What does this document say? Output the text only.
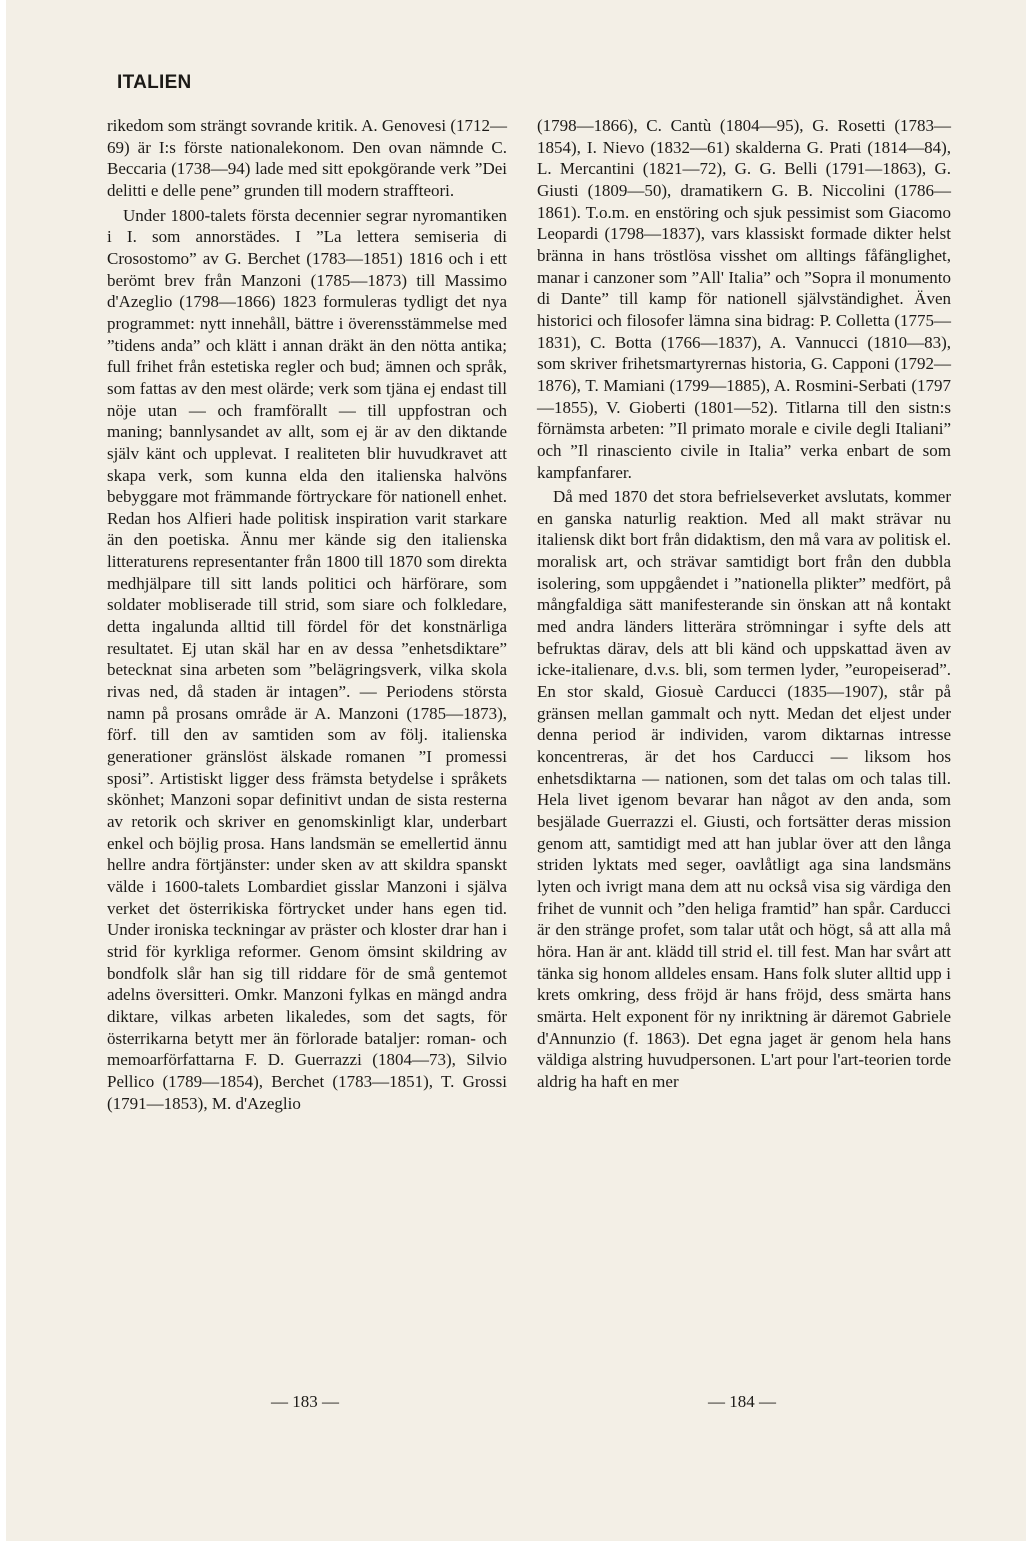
ITALIEN

rikedom som strängt sovrande kritik. A. Genovesi (1712—69) är I:s förste nationalekonom. Den ovan nämnde C. Beccaria (1738—94) lade med sitt epokgörande verk ”Dei delitti e delle pene” grunden till modern straffteori.

Under 1800-talets första decennier segrar nyromantiken i I. som annorstädes. I ”La lettera semiseria di Crosostomo” av G. Berchet (1783—1851) 1816 och i ett berömt brev från Manzoni (1785—1873) till Massimo d'Azeglio (1798—1866) 1823 formuleras tydligt det nya programmet: nytt innehåll, bättre i överensstämmelse med ”tidens anda” och klätt i annan dräkt än den nötta antika; full frihet från estetiska regler och bud; ämnen och språk, som fattas av den mest olärde; verk som tjäna ej endast till nöje utan — och framförallt — till uppfostran och maning; bannlysandet av allt, som ej är av den diktande själv känt och upplevat. I realiteten blir huvudkravet att skapa verk, som kunna elda den italienska halvöns bebyggare mot främmande förtryckare för nationell enhet. Redan hos Alfieri hade politisk inspiration varit starkare än den poetiska. Ännu mer kände sig den italienska litteraturens representanter från 1800 till 1870 som direkta medhjälpare till sitt lands politici och härförare, som soldater mobliserade till strid, som siare och folkledare, detta ingalunda alltid till fördel för det konstnärliga resultatet. Ej utan skäl har en av dessa ”enhetsdiktare” betecknat sina arbeten som ”belägringsverk, vilka skola rivas ned, då staden är intagen”. — Periodens största namn på prosans område är A. Manzoni (1785—1873), förf. till den av samtiden som av följ. italienska generationer gränslöst älskade romanen ”I promessi sposi”. Artistiskt ligger dess främsta betydelse i språkets skönhet; Manzoni sopar definitivt undan de sista resterna av retorik och skriver en genomskinligt klar, underbart enkel och böjlig prosa. Hans landsmän se emellertid ännu hellre andra förtjänster: under sken av att skildra spanskt välde i 1600-talets Lombardiet gisslar Manzoni i själva verket det österrikiska förtrycket under hans egen tid. Under ironiska teckningar av präster och kloster drar han i strid för kyrkliga reformer. Genom ömsint skildring av bondfolk slår han sig till riddare för de små gentemot adelns översitteri. Omkr. Manzoni fylkas en mängd andra diktare, vilkas arbeten likaledes, som det sagts, för österrikarna betytt mer än förlorade bataljer: roman- och memoarförfattarna F. D. Guerrazzi (1804—73), Silvio Pellico (1789—1854), Berchet (1783—1851), T. Grossi (1791—1853), M. d'Azeglio

(1798—1866), C. Cantù (1804—95), G. Rosetti (1783—1854), I. Nievo (1832—61) skalderna G. Prati (1814—84), L. Mercantini (1821—72), G. G. Belli (1791—1863), G. Giusti (1809—50), dramatikern G. B. Niccolini (1786—1861). T.o.m. en enstöring och sjuk pessimist som Giacomo Leopardi (1798—1837), vars klassiskt formade dikter helst bränna in hans tröstlösa visshet om alltings fåfänglighet, manar i canzoner som ”All' Italia” och ”Sopra il monumento di Dante” till kamp för nationell självständighet. Även historici och filosofer lämna sina bidrag: P. Colletta (1775—1831), C. Botta (1766—1837), A. Vannucci (1810—83), som skriver frihetsmartyrernas historia, G. Capponi (1792—1876), T. Mamiani (1799—1885), A. Rosmini-Serbati (1797—1855), V. Gioberti (1801—52). Titlarna till den sistn:s förnämsta arbeten: ”Il primato morale e civile degli Italiani” och ”Il rinasciento civile in Italia” verka enbart de som kampfanfarer.

Då med 1870 det stora befrielseverket avslutats, kommer en ganska naturlig reaktion. Med all makt strävar nu italiensk dikt bort från didaktism, den må vara av politisk el. moralisk art, och strävar samtidigt bort från den dubbla isolering, som uppgåendet i ”nationella plikter” medfört, på mångfaldiga sätt manifesterande sin önskan att nå kontakt med andra länders litterära strömningar i syfte dels att befruktas därav, dels att bli känd och uppskattad även av icke-italienare, d.v.s. bli, som termen lyder, ”europeiserad”. En stor skald, Giosuè Carducci (1835—1907), står på gränsen mellan gammalt och nytt. Medan det eljest under denna period är individen, varom diktarnas intresse koncentreras, är det hos Carducci — liksom hos enhetsdiktarna — nationen, som det talas om och talas till. Hela livet igenom bevarar han något av den anda, som besjälade Guerrazzi el. Giusti, och fortsätter deras mission genom att, samtidigt med att han jublar över att den långa striden lyktats med seger, oavlåtligt aga sina landsmäns lyten och ivrigt mana dem att nu också visa sig värdiga den frihet de vunnit och ”den heliga framtid” han spår. Carducci är den stränge profet, som talar utåt och högt, så att alla må höra. Han är ant. klädd till strid el. till fest. Man har svårt att tänka sig honom alldeles ensam. Hans folk sluter alltid upp i krets omkring, dess fröjd är hans fröjd, dess smärta hans smärta. Helt exponent för ny inriktning är däremot Gabriele d'Annunzio (f. 1863). Det egna jaget är genom hela hans väldiga alstring huvudpersonen. L'art pour l'art-teorien torde aldrig ha haft en mer

— 183 —	— 184 —
